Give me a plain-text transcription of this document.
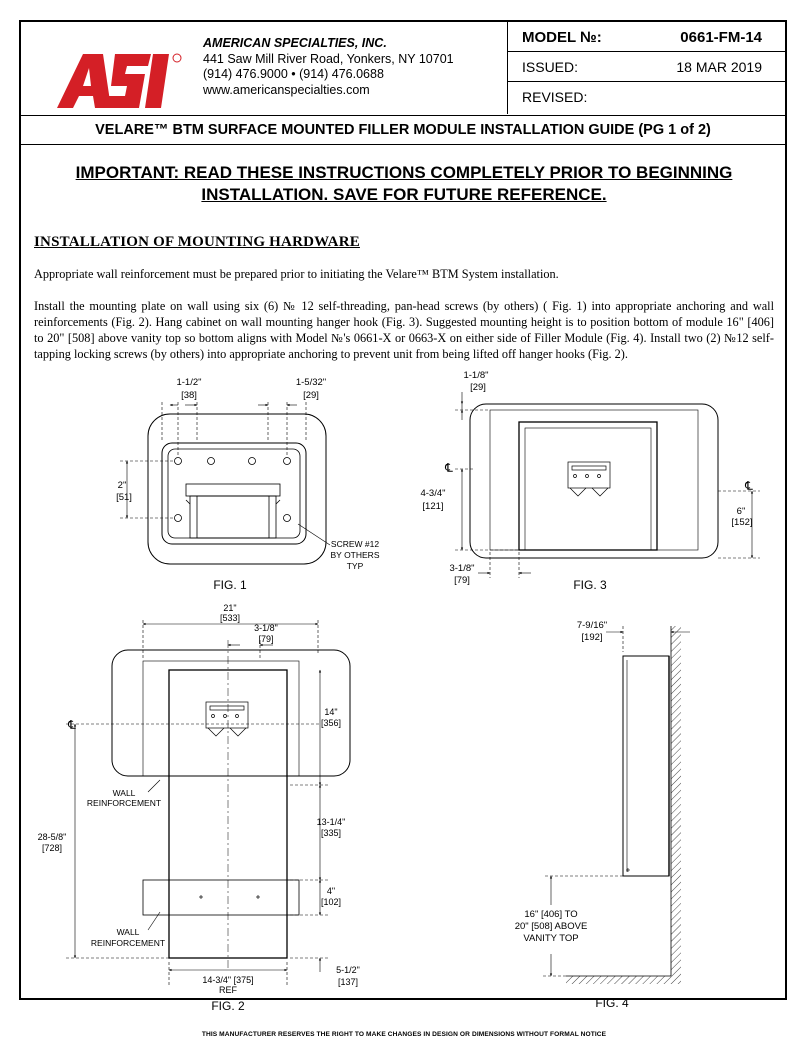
AMERICAN SPECIALTIES, INC.
441 Saw Mill River Road, Yonkers, NY 10701
(914) 476.9000 • (914) 476.0688
www.americanspecialties.com
MODEL №:	0661-FM-14
ISSUED:	18 MAR 2019
REVISED:
VELARE™ BTM SURFACE MOUNTED FILLER MODULE INSTALLATION GUIDE (PG 1 of 2)
IMPORTANT: READ THESE INSTRUCTIONS COMPLETELY PRIOR TO BEGINNING INSTALLATION. SAVE FOR FUTURE REFERENCE.
INSTALLATION OF MOUNTING HARDWARE
Appropriate wall reinforcement must be prepared prior to initiating the Velare™ BTM System installation.
Install the mounting plate on wall using six (6) № 12 self-threading, pan-head screws (by others) ( Fig. 1) into appropriate anchoring and wall reinforcements (Fig. 2). Hang cabinet on wall mounting hanger hook (Fig. 3). Suggested mounting height is to position bottom of module 16" [406] to 20" [508] above vanity top so bottom aligns with Model №'s 0661-X or 0663-X on either side of Filler Module (Fig. 4). Install two (2) №12 self-tapping locking screws (by others) into appropriate anchoring to prevent unit from being lifted off hanger hooks (Fig. 2).
1-1/2"
[38]
1-5/32"
[29]
2"
[51]
SCREW #12
BY OTHERS
TYP
FIG. 1
1-1/8"
[29]
℄
4-3/4"
[121]
℄
6"
[152]
3-1/8"
[79]	FIG. 3
21"
[533]
3-1/8"
[79]
℄
14"
[356]
13-1/4"
[335]
4"
[102]
5-1/2"
[137]
28-5/8"
[728]
14-3/4" [375]
REF
WALL
REINFORCEMENT
WALL
REINFORCEMENT
FIG. 2
7-9/16"
[192]
16" [406] TO
20" [508] ABOVE
VANITY TOP
FIG. 4
THIS MANUFACTURER RESERVES THE RIGHT TO MAKE CHANGES IN DESIGN OR DIMENSIONS WITHOUT FORMAL NOTICE
